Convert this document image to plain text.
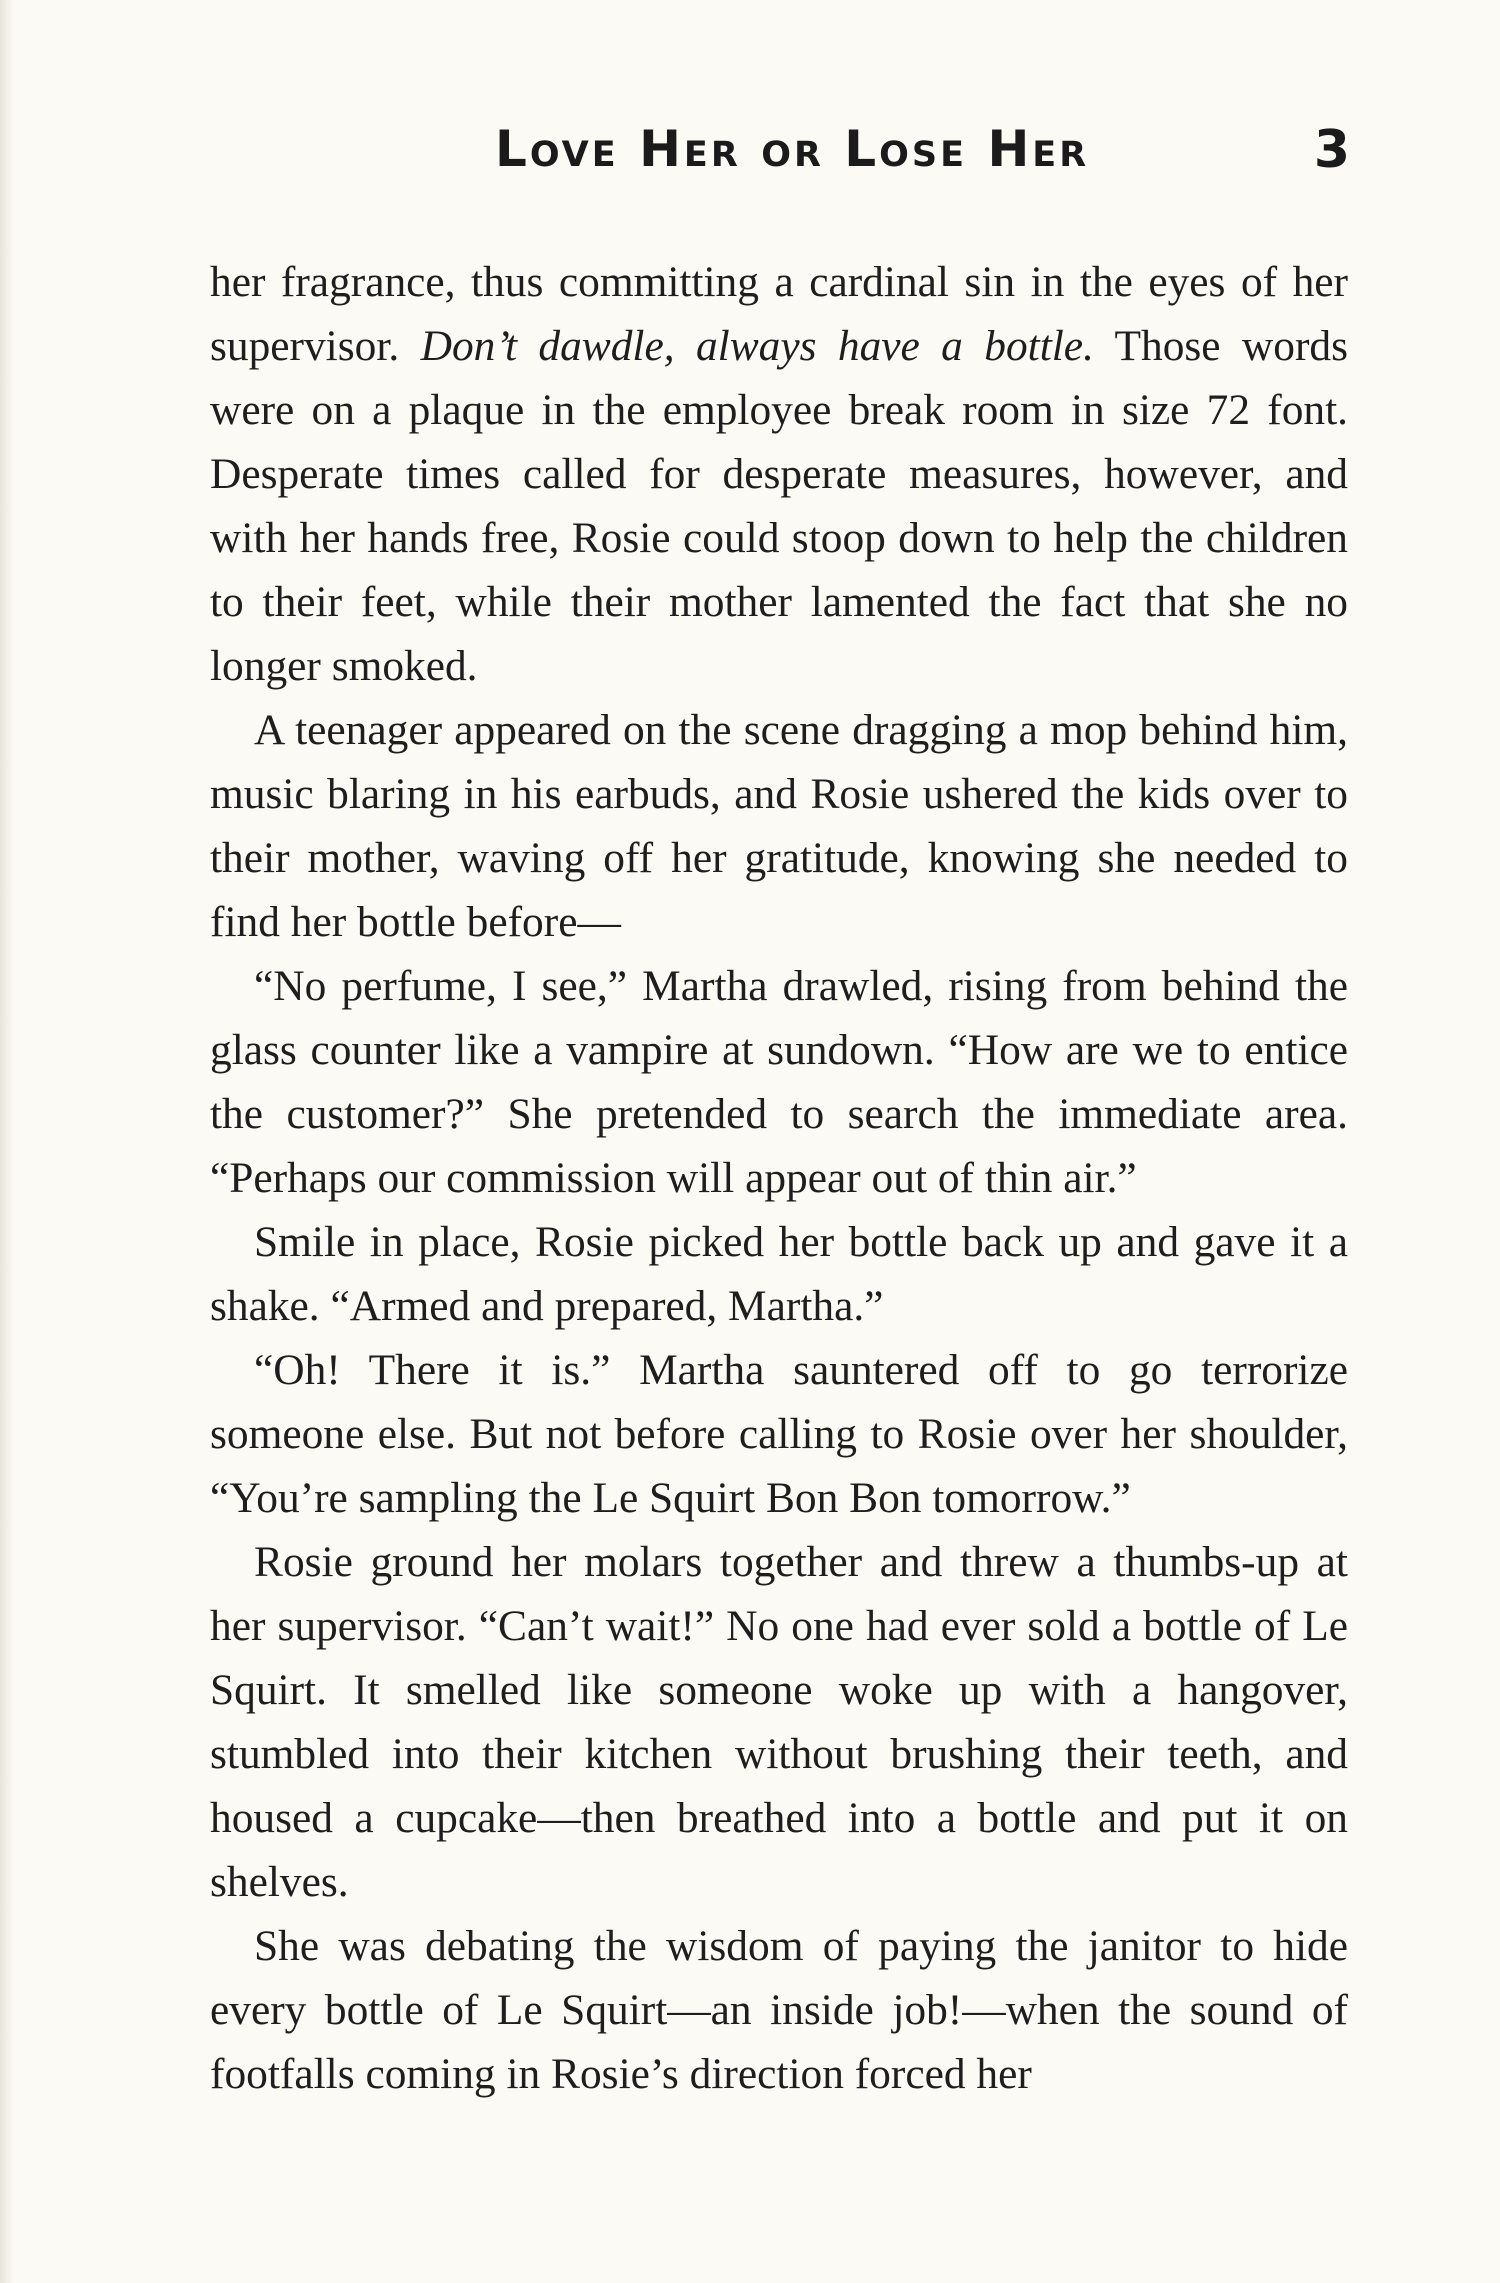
Love Her or Lose Her	3

her fragrance, thus committing a cardinal sin in the eyes of her supervisor. Don’t dawdle, always have a bottle. Those words were on a plaque in the employee break room in size 72 font. Desperate times called for desperate measures, however, and with her hands free, Rosie could stoop down to help the children to their feet, while their mother lamented the fact that she no longer smoked.

A teenager appeared on the scene dragging a mop behind him, music blaring in his earbuds, and Rosie ushered the kids over to their mother, waving off her gratitude, knowing she needed to find her bottle before—

“No perfume, I see,” Martha drawled, rising from behind the glass counter like a vampire at sundown. “How are we to entice the customer?” She pretended to search the immediate area. “Perhaps our commission will appear out of thin air.”

Smile in place, Rosie picked her bottle back up and gave it a shake. “Armed and prepared, Martha.”

“Oh! There it is.” Martha sauntered off to go terrorize someone else. But not before calling to Rosie over her shoulder, “You’re sampling the Le Squirt Bon Bon tomorrow.”

Rosie ground her molars together and threw a thumbs-up at her supervisor. “Can’t wait!” No one had ever sold a bottle of Le Squirt. It smelled like someone woke up with a hangover, stumbled into their kitchen without brushing their teeth, and housed a cupcake—then breathed into a bottle and put it on shelves.

She was debating the wisdom of paying the janitor to hide every bottle of Le Squirt—an inside job!—when the sound of footfalls coming in Rosie’s direction forced her
